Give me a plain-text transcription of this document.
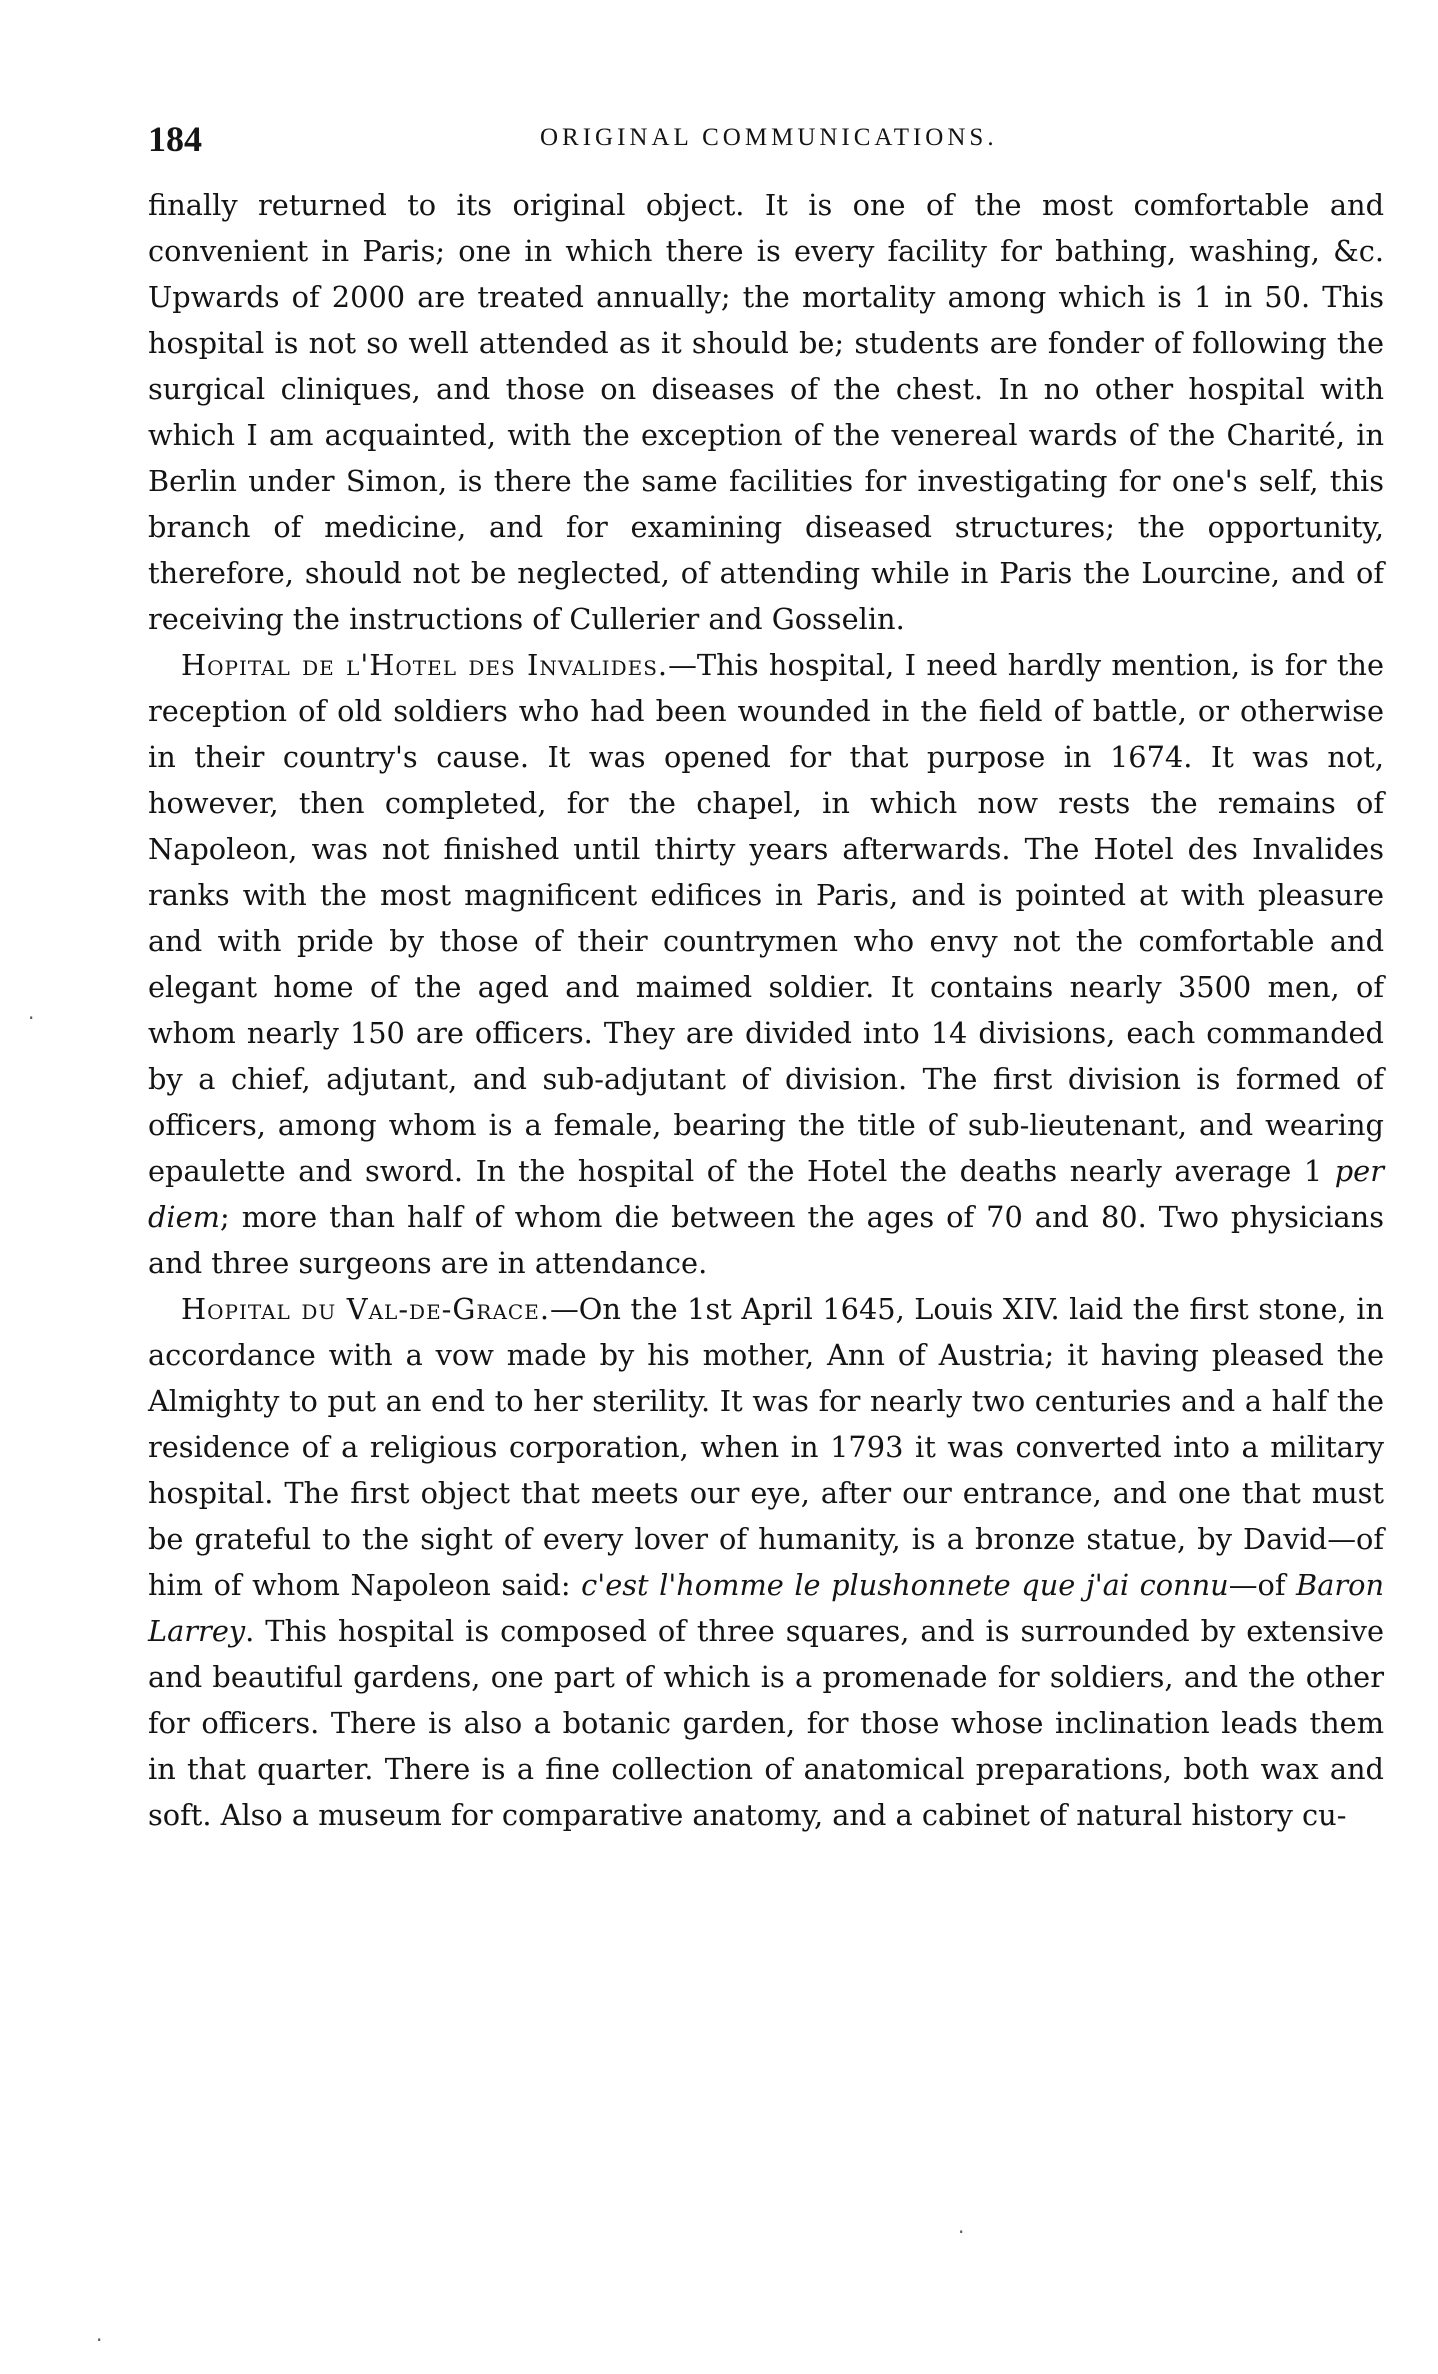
184	ORIGINAL COMMUNICATIONS.

finally returned to its original object. It is one of the most comfortable and convenient in Paris; one in which there is every facility for bathing, washing, &c. Upwards of 2000 are treated annually; the mortality among which is 1 in 50. This hospital is not so well attended as it should be; students are fonder of following the surgical cliniques, and those on diseases of the chest. In no other hospital with which I am acquainted, with the exception of the venereal wards of the Charité, in Berlin under Simon, is there the same facilities for investigating for one's self, this branch of medicine, and for examining diseased structures; the opportunity, therefore, should not be neglected, of attending while in Paris the Lourcine, and of receiving the instructions of Cullerier and Gosselin.

Hopital de l'Hotel des Invalides.—This hospital, I need hardly mention, is for the reception of old soldiers who had been wounded in the field of battle, or otherwise in their country's cause. It was opened for that purpose in 1674. It was not, however, then completed, for the chapel, in which now rests the remains of Napoleon, was not finished until thirty years afterwards. The Hotel des Invalides ranks with the most magnificent edifices in Paris, and is pointed at with pleasure and with pride by those of their countrymen who envy not the comfortable and elegant home of the aged and maimed soldier. It contains nearly 3500 men, of whom nearly 150 are officers. They are divided into 14 divisions, each commanded by a chief, adjutant, and sub-adjutant of division. The first division is formed of officers, among whom is a female, bearing the title of sub-lieutenant, and wearing epaulette and sword. In the hospital of the Hotel the deaths nearly average 1 per diem; more than half of whom die between the ages of 70 and 80. Two physicians and three surgeons are in attendance.

Hopital du Val-de-Grace.—On the 1st April 1645, Louis XIV. laid the first stone, in accordance with a vow made by his mother, Ann of Austria; it having pleased the Almighty to put an end to her sterility. It was for nearly two centuries and a half the residence of a religious corporation, when in 1793 it was converted into a military hospital. The first object that meets our eye, after our entrance, and one that must be grateful to the sight of every lover of humanity, is a bronze statue, by David—of him of whom Napoleon said: c'est l'homme le plushonnete que j'ai connu—of Baron Larrey. This hospital is composed of three squares, and is surrounded by extensive and beautiful gardens, one part of which is a promenade for soldiers, and the other for officers. There is also a botanic garden, for those whose inclination leads them in that quarter. There is a fine collection of anatomical preparations, both wax and soft. Also a museum for comparative anatomy, and a cabinet of natural history cu-

·
·
·
